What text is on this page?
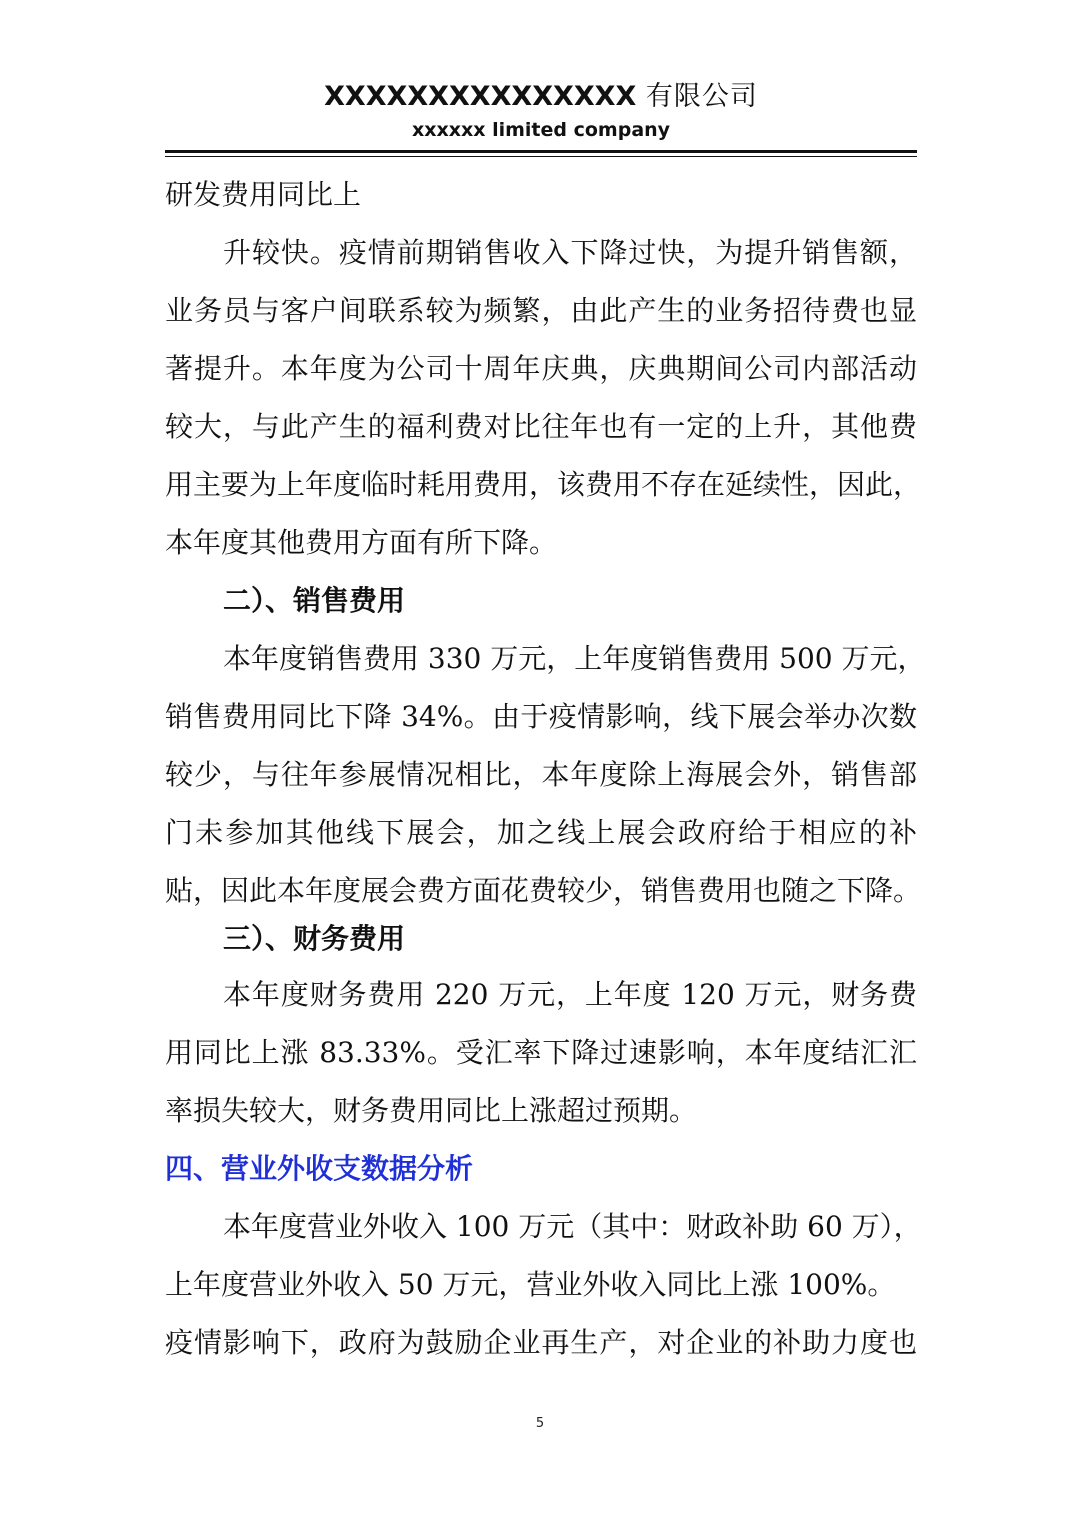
XXXXXXXXXXXXXXX 有限公司
xxxxxx limited company
研发费用同比上
升较快。疫情前期销售收入下降过快，为提升销售额，
业务员与客户间联系较为频繁，由此产生的业务招待费也显
著提升。本年度为公司十周年庆典，庆典期间公司内部活动
较大，与此产生的福利费对比往年也有一定的上升，其他费
用主要为上年度临时耗用费用，该费用不存在延续性，因此，
本年度其他费用方面有所下降。
二）、销售费用
本年度销售费用 330 万元，上年度销售费用 500 万元，
销售费用同比下降 34%。由于疫情影响，线下展会举办次数
较少，与往年参展情况相比，本年度除上海展会外，销售部
门未参加其他线下展会，加之线上展会政府给于相应的补
贴，因此本年度展会费方面花费较少，销售费用也随之下降。
三）、财务费用
本年度财务费用 220 万元，上年度 120 万元，财务费
用同比上涨 83.33%。受汇率下降过速影响，本年度结汇汇
率损失较大，财务费用同比上涨超过预期。
四、营业外收支数据分析
本年度营业外收入 100 万元（其中：财政补助 60 万），
上年度营业外收入 50 万元，营业外收入同比上涨 100%。
疫情影响下，政府为鼓励企业再生产，对企业的补助力度也
5
